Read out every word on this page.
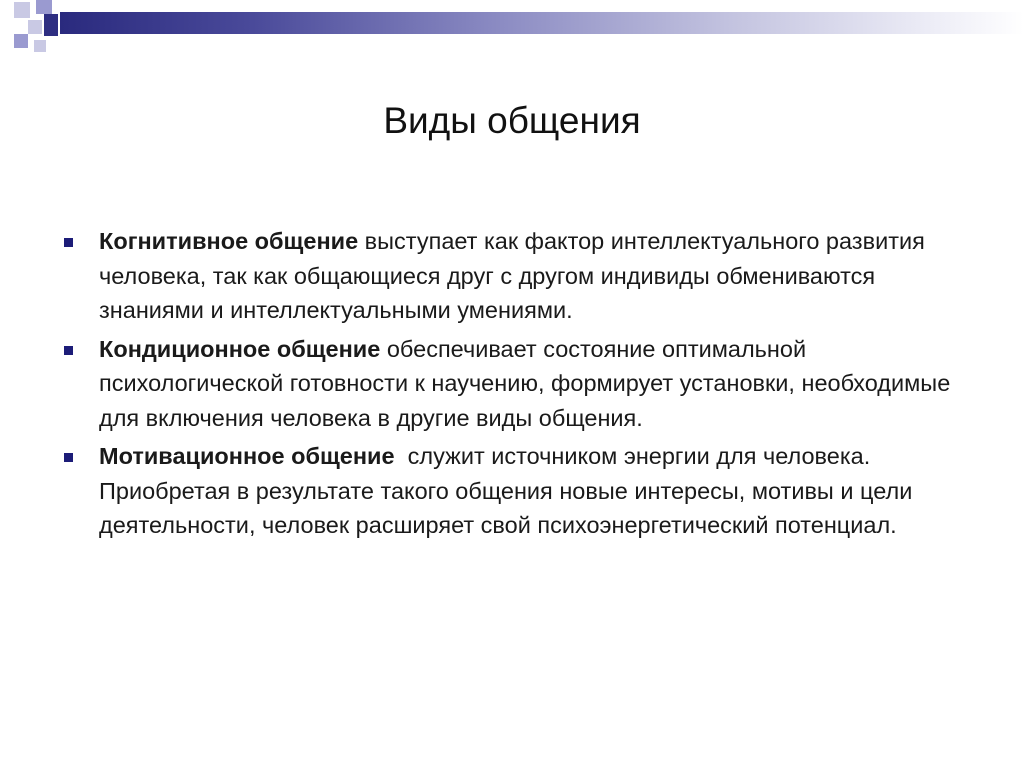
Виды общения
Когнитивное общение выступает как фактор интеллектуального развития человека, так как общающиеся друг с другом индивиды обмениваются знаниями и интеллектуальными умениями.
Кондиционное общение обеспечивает состояние оптимальной психологической готовности к научению, формирует установки, необходимые для включения человека в другие виды общения.
Мотивационное общение  служит источником энергии для человека. Приобретая в результате такого общения новые интересы, мотивы и цели деятельности, человек расширяет свой психоэнергетический потенциал.
